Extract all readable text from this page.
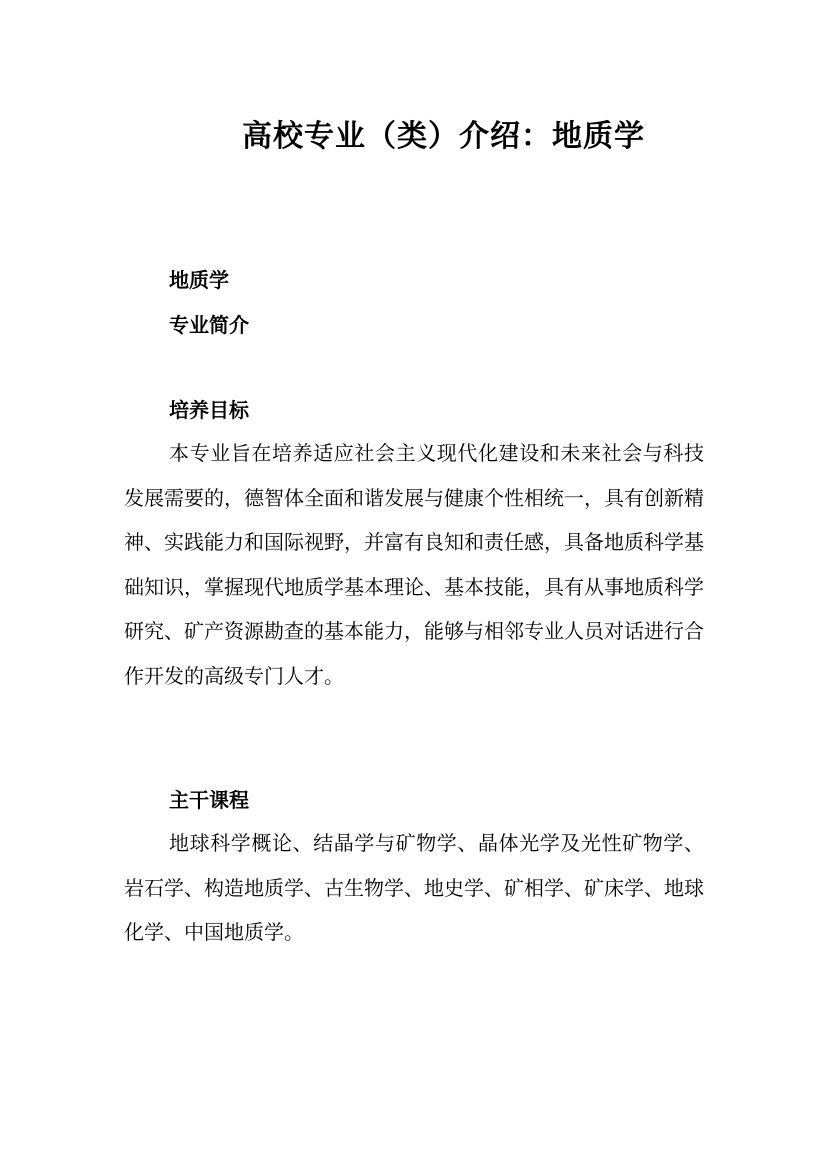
高校专业（类）介绍：地质学
地质学
专业简介
培养目标

本专业旨在培养适应社会主义现代化建设和未来社会与科技发展需要的，德智体全面和谐发展与健康个性相统一，具有创新精神、实践能力和国际视野，并富有良知和责任感，具备地质科学基础知识，掌握现代地质学基本理论、基本技能，具有从事地质科学研究、矿产资源勘查的基本能力，能够与相邻专业人员对话进行合作开发的高级专门人才。

主干课程

地球科学概论、结晶学与矿物学、晶体光学及光性矿物学、岩石学、构造地质学、古生物学、地史学、矿相学、矿床学、地球化学、中国地质学。
